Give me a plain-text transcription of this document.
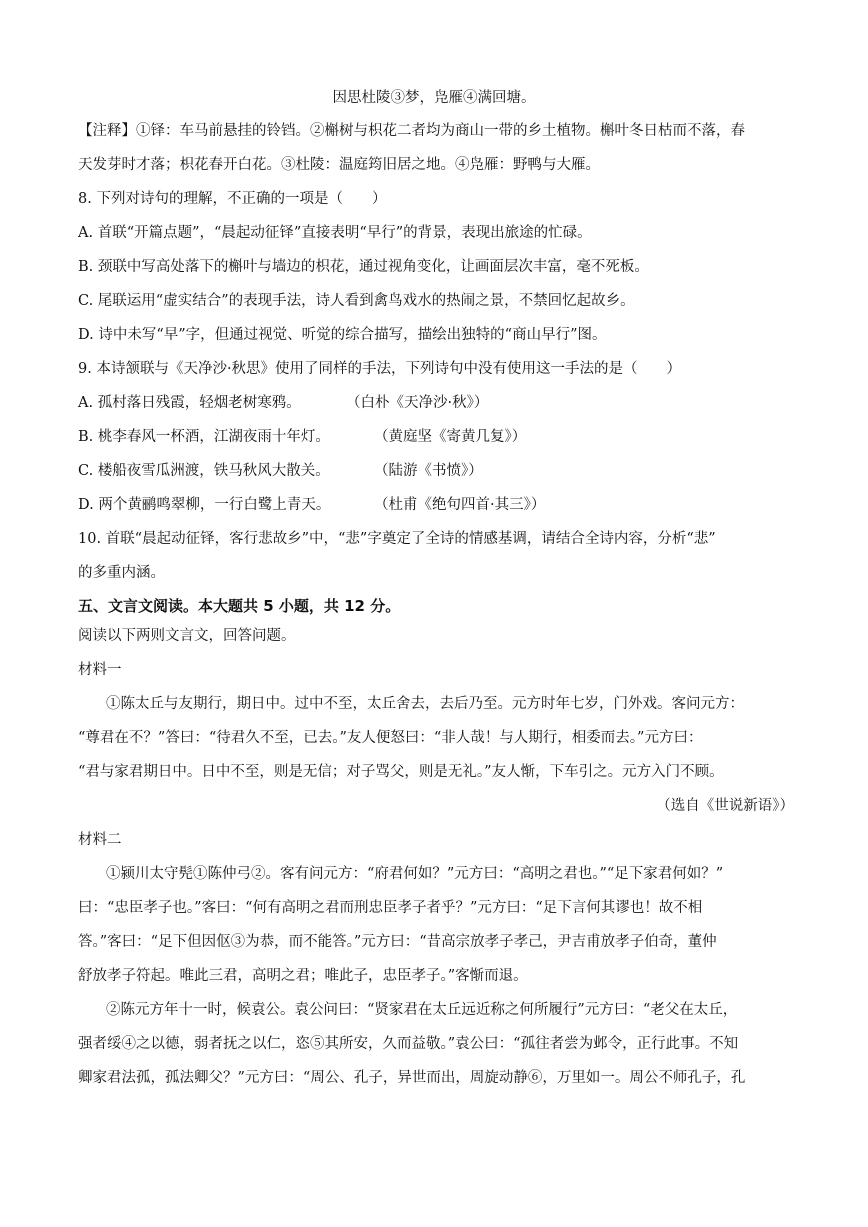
因思杜陵③梦，凫雁④满回塘。
【注释】①铎：车马前悬挂的铃铛。②槲树与枳花二者均为商山一带的乡土植物。槲叶冬日枯而不落，春
天发芽时才落；枳花春开白花。③杜陵：温庭筠旧居之地。④凫雁：野鸭与大雁。
8. 下列对诗句的理解，不正确的一项是（　　）
A. 首联“开篇点题”，“晨起动征铎”直接表明“早行”的背景，表现出旅途的忙碌。
B. 颈联中写高处落下的槲叶与墙边的枳花，通过视角变化，让画面层次丰富，毫不死板。
C. 尾联运用“虚实结合”的表现手法，诗人看到禽鸟戏水的热闹之景，不禁回忆起故乡。
D. 诗中未写“早”字，但通过视觉、听觉的综合描写，描绘出独特的“商山早行”图。
9. 本诗颔联与《天净沙·秋思》使用了同样的手法，下列诗句中没有使用这一手法的是（　　）
A. 孤村落日残霞，轻烟老树寒鸦。	（白朴《天净沙·秋》）
B. 桃李春风一杯酒，江湖夜雨十年灯。	（黄庭坚《寄黄几复》）
C. 楼船夜雪瓜洲渡，铁马秋风大散关。	（陆游《书愤》）
D. 两个黄鹂鸣翠柳，一行白鹭上青天。	（杜甫《绝句四首·其三》）
10. 首联“晨起动征铎，客行悲故乡”中，“悲”字奠定了全诗的情感基调，请结合全诗内容，分析“悲”
的多重内涵。
五、文言文阅读。本大题共 5 小题，共 12 分。
阅读以下两则文言文，回答问题。
材料一
①陈太丘与友期行，期日中。过中不至，太丘舍去，去后乃至。元方时年七岁，门外戏。客问元方：
“尊君在不？”答曰：“待君久不至，已去。”友人便怒曰：“非人哉！与人期行，相委而去。”元方曰：
“君与家君期日中。日中不至，则是无信；对子骂父，则是无礼。”友人惭，下车引之。元方入门不顾。
（选自《世说新语》）
材料二
①颍川太守髡①陈仲弓②。客有问元方：“府君何如？”元方曰：“高明之君也。”“足下家君何如？”
曰：“忠臣孝子也。”客曰：“何有高明之君而刑忠臣孝子者乎？”元方曰：“足下言何其谬也！故不相
答。”客曰：“足下但因伛③为恭，而不能答。”元方曰：“昔高宗放孝子孝己，尹吉甫放孝子伯奇，董仲
舒放孝子符起。唯此三君，高明之君；唯此子，忠臣孝子。”客惭而退。
②陈元方年十一时，候袁公。袁公问曰：“贤家君在太丘远近称之何所履行”元方曰：“老父在太丘，
强者绥④之以德，弱者抚之以仁，恣⑤其所安，久而益敬。”袁公曰：“孤往者尝为邺令，正行此事。不知
卿家君法孤，孤法卿父？”元方曰：“周公、孔子，异世而出，周旋动静⑥，万里如一。周公不师孔子，孔
